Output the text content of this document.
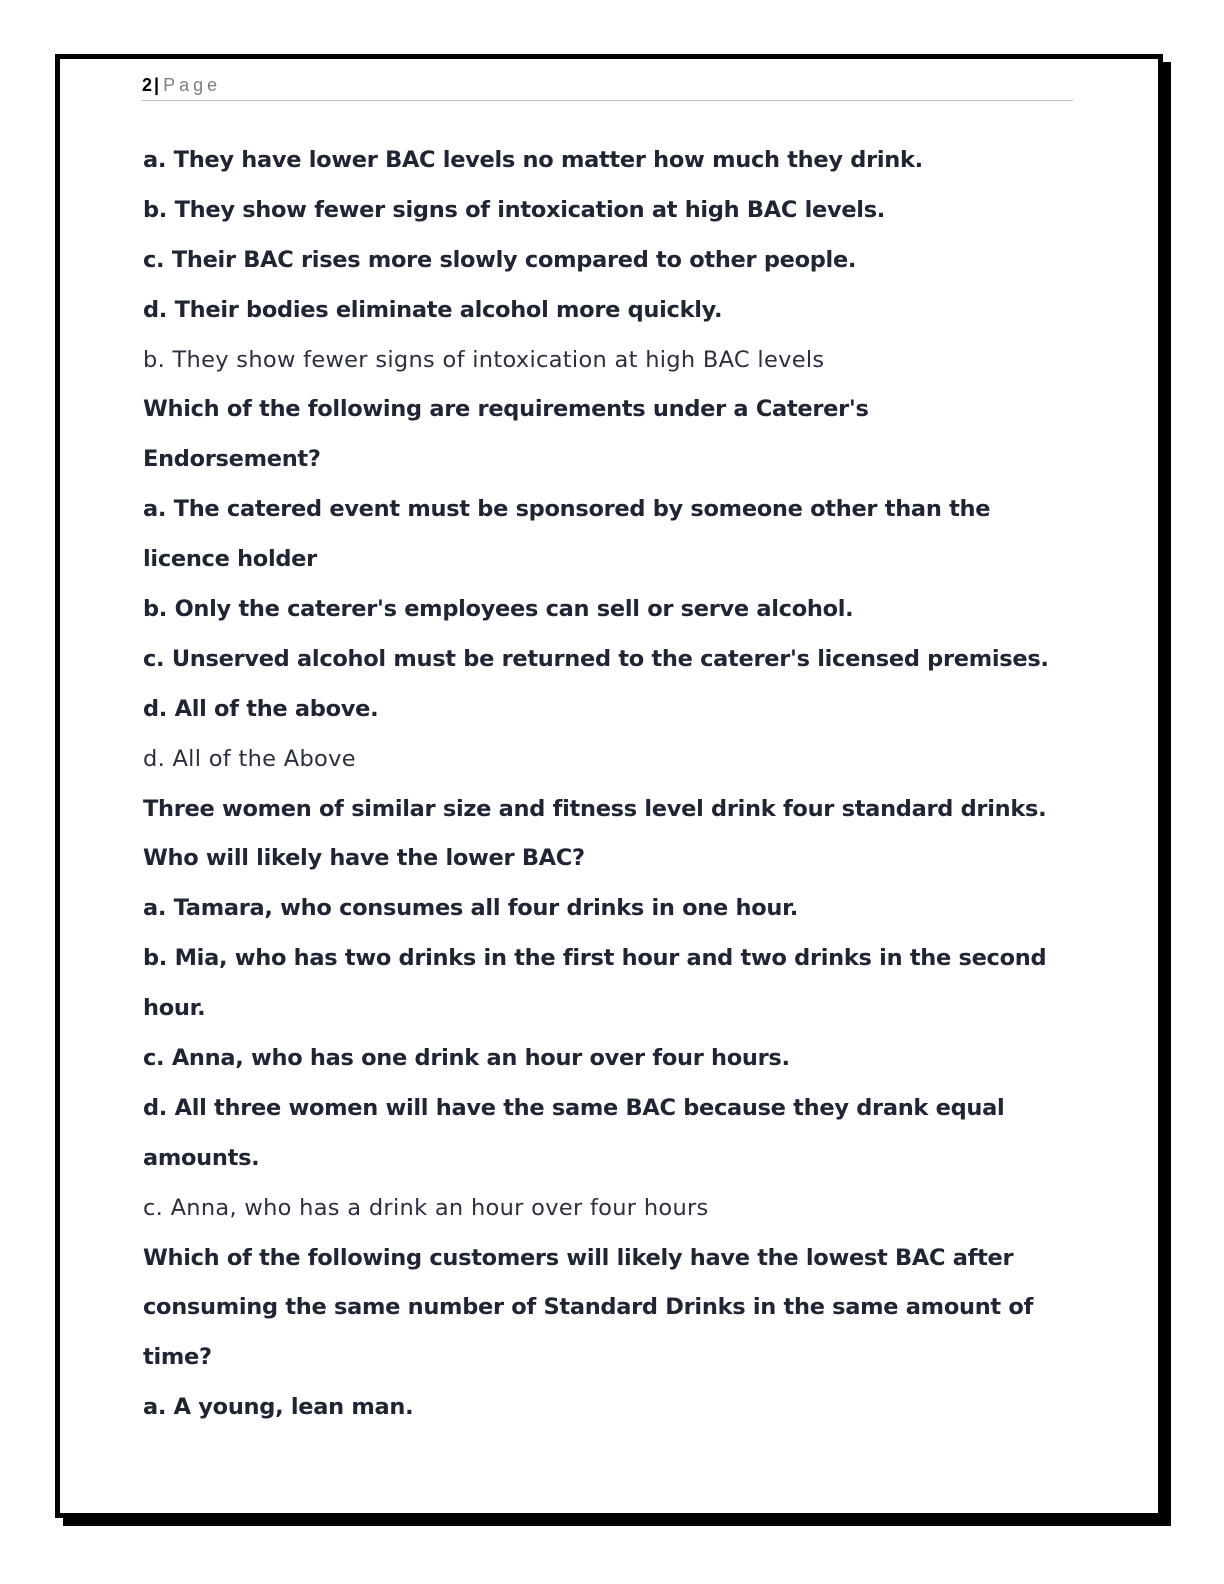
2 | Page
a. They have lower BAC levels no matter how much they drink.
b. They show fewer signs of intoxication at high BAC levels.
c. Their BAC rises more slowly compared to other people.
d. Their bodies eliminate alcohol more quickly.
b. They show fewer signs of intoxication at high BAC levels
Which of the following are requirements under a Caterer's
Endorsement?
a. The catered event must be sponsored by someone other than the
licence holder
b. Only the caterer's employees can sell or serve alcohol.
c. Unserved alcohol must be returned to the caterer's licensed premises.
d. All of the above.
d. All of the Above
Three women of similar size and fitness level drink four standard drinks.
Who will likely have the lower BAC?
a. Tamara, who consumes all four drinks in one hour.
b. Mia, who has two drinks in the first hour and two drinks in the second
hour.
c. Anna, who has one drink an hour over four hours.
d. All three women will have the same BAC because they drank equal
amounts.
c. Anna, who has a drink an hour over four hours
Which of the following customers will likely have the lowest BAC after
consuming the same number of Standard Drinks in the same amount of
time?
a. A young, lean man.
